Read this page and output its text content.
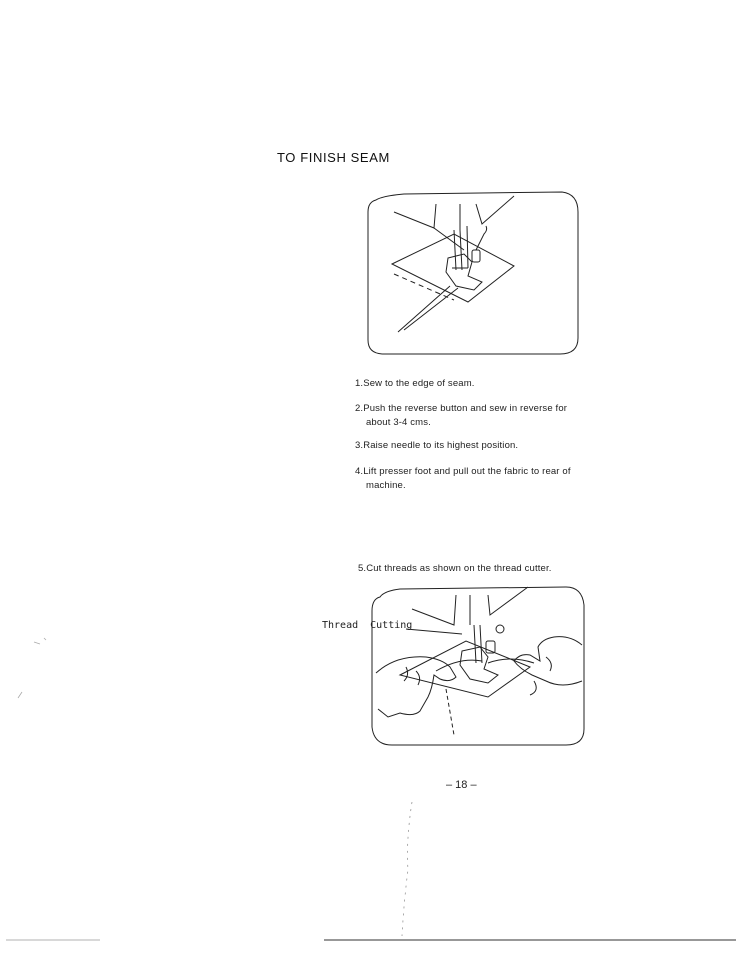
TO FINISH SEAM
1.Sew to the edge of seam.
2.Push the reverse button and sew in reverse for
about 3-4 cms.
3.Raise needle to its highest position.
4.Lift presser foot and pull out the fabric to rear of
machine.
5.Cut threads as shown on the thread cutter.
Thread Cutting
– 18 –
